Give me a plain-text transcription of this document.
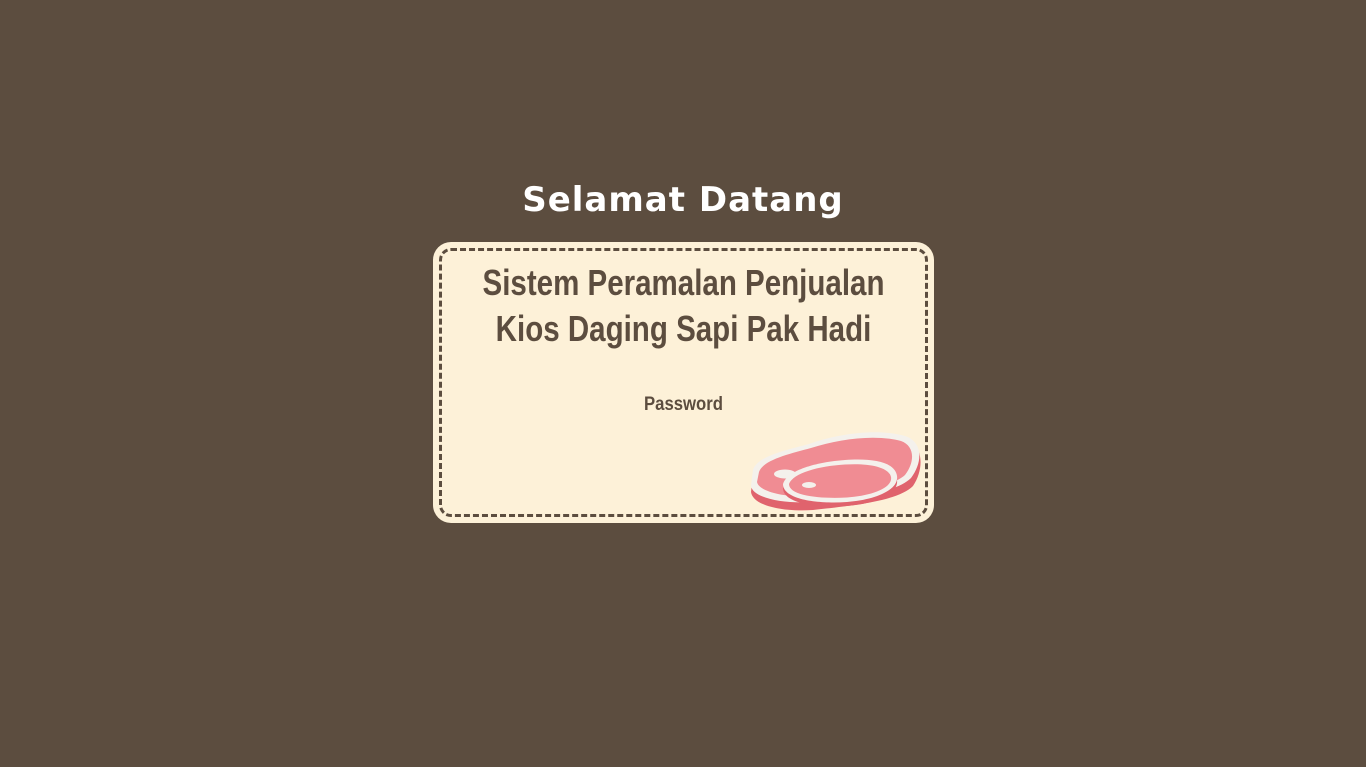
Selamat Datang
Sistem Peramalan Penjualan
Kios Daging Sapi Pak Hadi
Password
